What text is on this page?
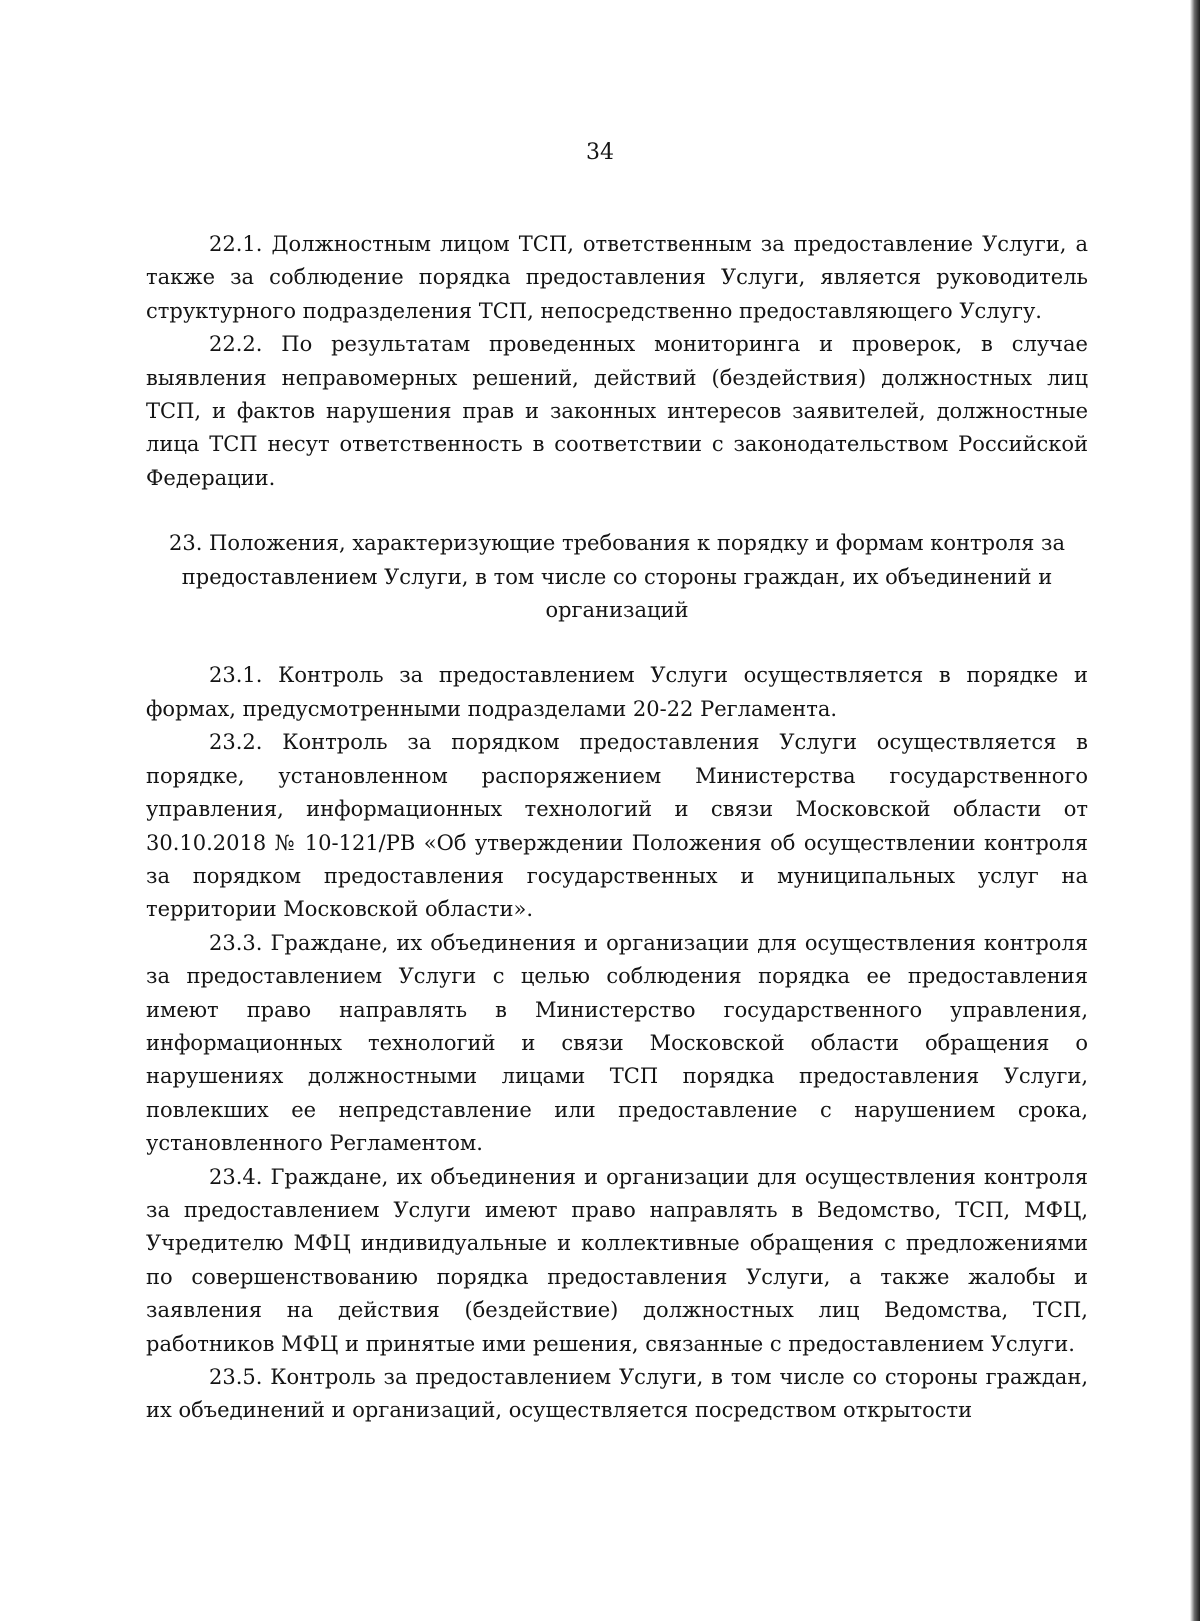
34

22.1. Должностным лицом ТСП, ответственным за предоставление Услуги, а также за соблюдение порядка предоставления Услуги, является руководитель структурного подразделения ТСП, непосредственно предоставляющего Услугу.

22.2. По результатам проведенных мониторинга и проверок, в случае выявления неправомерных решений, действий (бездействия) должностных лиц ТСП, и фактов нарушения прав и законных интересов заявителей, должностные лица ТСП несут ответственность в соответствии с законодательством Российской Федерации.

23. Положения, характеризующие требования к порядку и формам контроля за предоставлением Услуги, в том числе со стороны граждан, их объединений и организаций

23.1. Контроль за предоставлением Услуги осуществляется в порядке и формах, предусмотренными подразделами 20-22 Регламента.

23.2. Контроль за порядком предоставления Услуги осуществляется в порядке, установленном распоряжением Министерства государственного управления, информационных технологий и связи Московской области от 30.10.2018 № 10-121/РВ «Об утверждении Положения об осуществлении контроля за порядком предоставления государственных и муниципальных услуг на территории Московской области».

23.3. Граждане, их объединения и организации для осуществления контроля за предоставлением Услуги с целью соблюдения порядка ее предоставления имеют право направлять в Министерство государственного управления, информационных технологий и связи Московской области обращения о нарушениях должностными лицами ТСП порядка предоставления Услуги, повлекших ее непредставление или предоставление с нарушением срока, установленного Регламентом.

23.4. Граждане, их объединения и организации для осуществления контроля за предоставлением Услуги имеют право направлять в Ведомство, ТСП, МФЦ, Учредителю МФЦ индивидуальные и коллективные обращения с предложениями по совершенствованию порядка предоставления Услуги, а также жалобы и заявления на действия (бездействие) должностных лиц Ведомства, ТСП, работников МФЦ и принятые ими решения, связанные с предоставлением Услуги.

23.5. Контроль за предоставлением Услуги, в том числе со стороны граждан, их объединений и организаций, осуществляется посредством открытости
